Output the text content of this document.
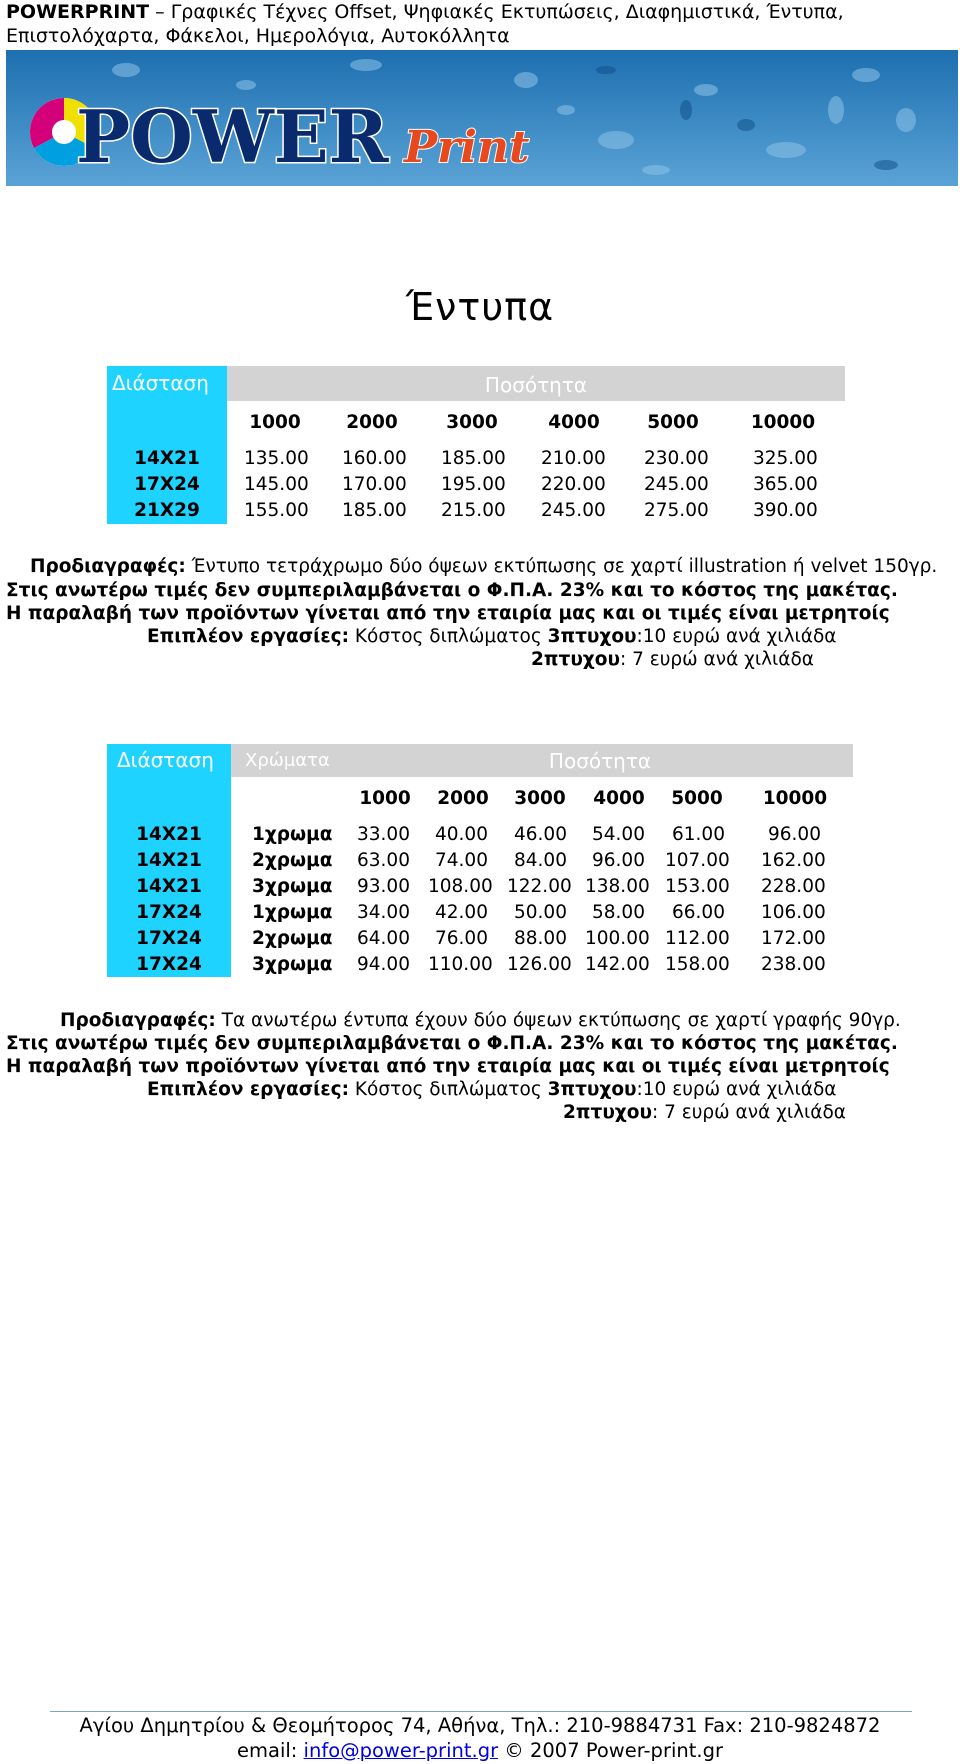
POWERPRINT – Γραφικές Τέχνες Offset, Ψηφιακές Εκτυπώσεις, Διαφημιστικά, Έντυπα,
Επιστολόχαρτα, Φάκελοι, Ημερολόγια, Αυτοκόλλητα
POWER Print
Έντυπα
Διάσταση	Ποσότητα
1000	2000	3000	4000	5000	10000
14X21	135.00 160.00 185.00 210.00 230.00 325.00
17X24	145.00 170.00 195.00 220.00 245.00 365.00
21X29	155.00 185.00 215.00 245.00 275.00 390.00
Προδιαγραφές: Έντυπο τετράχρωμο δύο όψεων εκτύπωσης σε χαρτί illustration ή velvet 150γρ.
Στις ανωτέρω τιμές δεν συμπεριλαμβάνεται ο Φ.Π.Α. 23% και το κόστος της μακέτας.
Η παραλαβή των προϊόντων γίνεται από την εταιρία μας και οι τιμές είναι μετρητοίς
Επιπλέον εργασίες: Κόστος διπλώματος 3πτυχου:10 ευρώ ανά χιλιάδα
2πτυχου: 7 ευρώ ανά χιλιάδα
Διάσταση Χρώματα	Ποσότητα
1000	2000	3000	4000	5000	10000
14X21	1χρωμα 33.00 40.00 46.00 54.00 61.00 96.00
14X21	2χρωμα 63.00 74.00 84.00 96.00 107.00 162.00
14X21	3χρωμα 93.00 108.00 122.00 138.00 153.00 228.00
17X24	1χρωμα 34.00 42.00 50.00 58.00 66.00 106.00
17X24	2χρωμα 64.00 76.00 88.00 100.00 112.00 172.00
17X24	3χρωμα 94.00 110.00 126.00 142.00 158.00 238.00
Προδιαγραφές: Τα ανωτέρω έντυπα έχουν δύο όψεων εκτύπωσης σε χαρτί γραφής 90γρ.
Στις ανωτέρω τιμές δεν συμπεριλαμβάνεται ο Φ.Π.Α. 23% και το κόστος της μακέτας.
Η παραλαβή των προϊόντων γίνεται από την εταιρία μας και οι τιμές είναι μετρητοίς
Επιπλέον εργασίες: Κόστος διπλώματος 3πτυχου:10 ευρώ ανά χιλιάδα
2πτυχου: 7 ευρώ ανά χιλιάδα
Αγίου Δημητρίου & Θεομήτορος 74, Αθήνα, Τηλ.: 210-9884731 Fax: 210-9824872
email: info@power-print.gr © 2007 Power-print.gr
